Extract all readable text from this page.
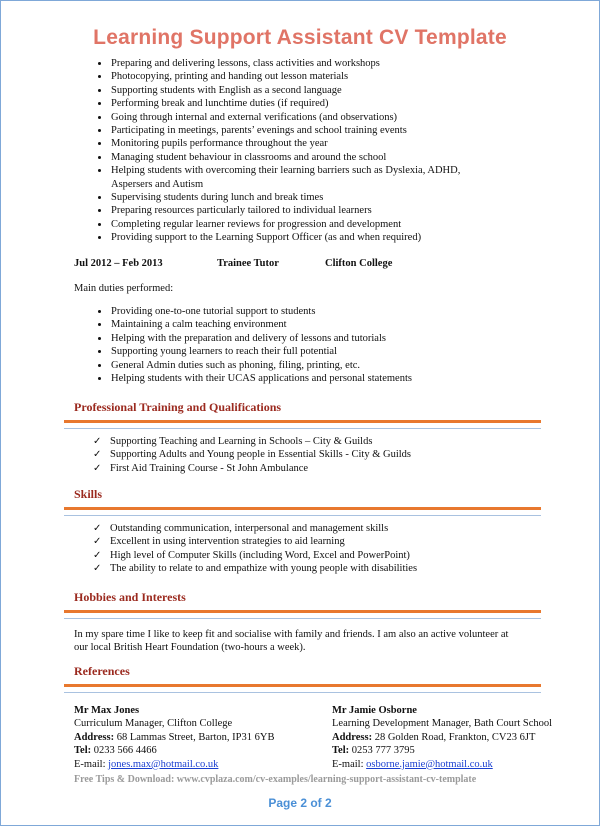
Learning Support Assistant CV Template
• Preparing and delivering lessons, class activities and workshops
• Photocopying, printing and handing out lesson materials
• Supporting students with English as a second language
• Performing break and lunchtime duties (if required)
• Going through internal and external verifications (and observations)
• Participating in meetings, parents’ evenings and school training events
• Monitoring pupils performance throughout the year
• Managing student behaviour in classrooms and around the school
• Helping students with overcoming their learning barriers such as Dyslexia, ADHD, Aspersers and Autism
• Supervising students during lunch and break times
• Preparing resources particularly tailored to individual learners
• Completing regular learner reviews for progression and development
• Providing support to the Learning Support Officer (as and when required)
Jul 2012 – Feb 2013	Trainee Tutor	Clifton College
Main duties performed:
• Providing one-to-one tutorial support to students
• Maintaining a calm teaching environment
• Helping with the preparation and delivery of lessons and tutorials
• Supporting young learners to reach their full potential
• General Admin duties such as phoning, filing, printing, etc.
• Helping students with their UCAS applications and personal statements
Professional Training and Qualifications
✓ Supporting Teaching and Learning in Schools – City & Guilds
✓ Supporting Adults and Young people in Essential Skills - City & Guilds
✓ First Aid Training Course - St John Ambulance
Skills
✓ Outstanding communication, interpersonal and management skills
✓ Excellent in using intervention strategies to aid learning
✓ High level of Computer Skills (including Word, Excel and PowerPoint)
✓ The ability to relate to and empathize with young people with disabilities
Hobbies and Interests
In my spare time I like to keep fit and socialise with family and friends. I am also an active volunteer at our local British Heart Foundation (two-hours a week).
References
Mr Max Jones
Curriculum Manager, Clifton College
Address: 68 Lammas Street, Barton, IP31 6YB
Tel: 0233 566 4466
E-mail: jones.max@hotmail.co.uk
Mr Jamie Osborne
Learning Development Manager, Bath Court School
Address: 28 Golden Road, Frankton, CV23 6JT
Tel: 0253 777 3795
E-mail: osborne.jamie@hotmail.co.uk
Free Tips & Download: www.cvplaza.com/cv-examples/learning-support-assistant-cv-template
Page 2 of 2
